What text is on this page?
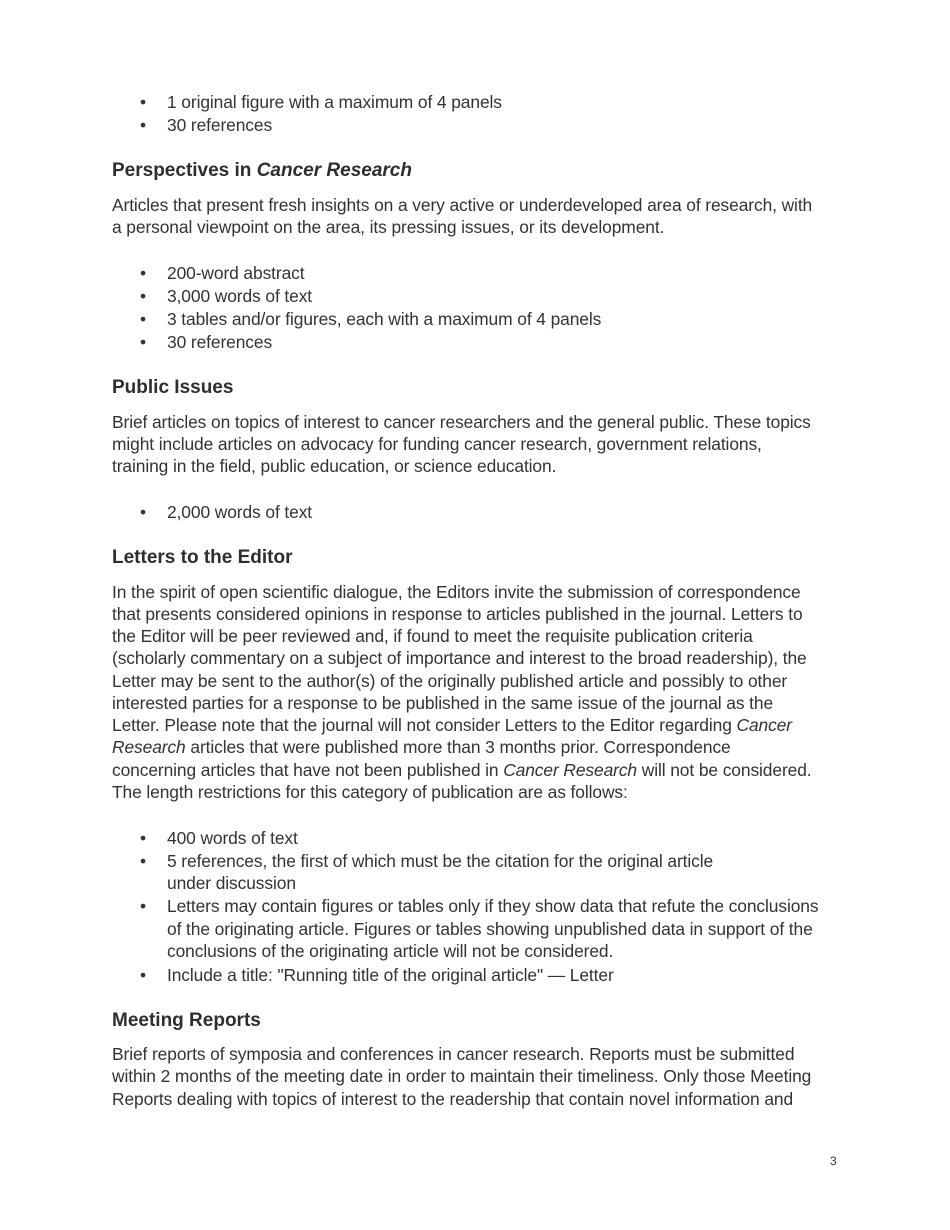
• 1 original figure with a maximum of 4 panels
• 30 references
Perspectives in Cancer Research
Articles that present fresh insights on a very active or underdeveloped area of research, with
a personal viewpoint on the area, its pressing issues, or its development.
• 200-word abstract
• 3,000 words of text
• 3 tables and/or figures, each with a maximum of 4 panels
• 30 references
Public Issues
Brief articles on topics of interest to cancer researchers and the general public. These topics
might include articles on advocacy for funding cancer research, government relations,
training in the field, public education, or science education.
• 2,000 words of text
Letters to the Editor
In the spirit of open scientific dialogue, the Editors invite the submission of correspondence
that presents considered opinions in response to articles published in the journal. Letters to
the Editor will be peer reviewed and, if found to meet the requisite publication criteria
(scholarly commentary on a subject of importance and interest to the broad readership), the
Letter may be sent to the author(s) of the originally published article and possibly to other
interested parties for a response to be published in the same issue of the journal as the
Letter. Please note that the journal will not consider Letters to the Editor regarding Cancer
Research articles that were published more than 3 months prior. Correspondence
concerning articles that have not been published in Cancer Research will not be considered.
The length restrictions for this category of publication are as follows:
• 400 words of text
• 5 references, the first of which must be the citation for the original article
under discussion
• Letters may contain figures or tables only if they show data that refute the conclusions
of the originating article. Figures or tables showing unpublished data in support of the
conclusions of the originating article will not be considered.
• Include a title: "Running title of the original article" — Letter
Meeting Reports
Brief reports of symposia and conferences in cancer research. Reports must be submitted
within 2 months of the meeting date in order to maintain their timeliness. Only those Meeting
Reports dealing with topics of interest to the readership that contain novel information and
3
